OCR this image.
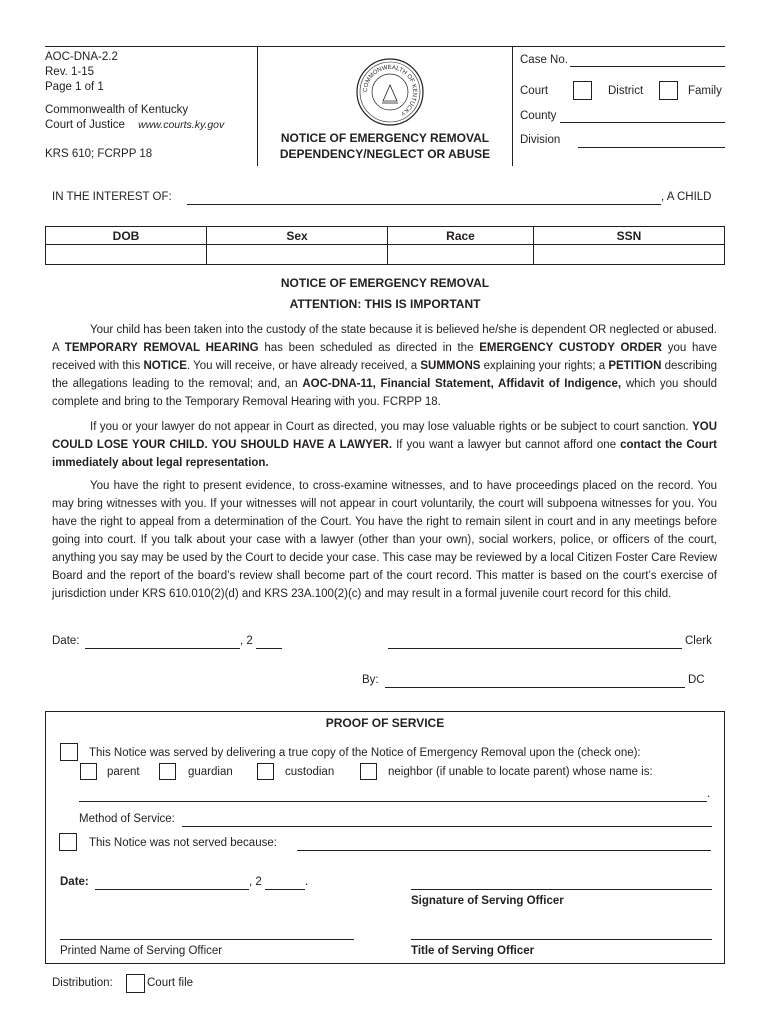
AOC-DNA-2.2
Rev. 1-15
Page 1 of 1
Commonwealth of Kentucky
Court of Justice www.courts.ky.gov
KRS 610; FCRPP 18
COMMONWEALTH OF KENTUCKY
NOTICE OF EMERGENCY REMOVAL
DEPENDENCY/NEGLECT OR ABUSE
Case No.
Court	District	Family
County
Division
IN THE INTEREST OF:	, A CHILD
DOB	Sex	Race	SSN

NOTICE OF EMERGENCY REMOVAL
ATTENTION: THIS IS IMPORTANT
Your child has been taken into the custody of the state because it is believed he/she is dependent OR neglected or abused. A TEMPORARY REMOVAL HEARING has been scheduled as directed in the EMERGENCY CUSTODY ORDER you have received with this NOTICE. You will receive, or have already received, a SUMMONS explaining your rights; a PETITION describing the allegations leading to the removal; and, an AOC-DNA-11, Financial Statement, Affidavit of Indigence, which you should complete and bring to the Temporary Removal Hearing with you. FCRPP 18.
If you or your lawyer do not appear in Court as directed, you may lose valuable rights or be subject to court sanction. YOU COULD LOSE YOUR CHILD. YOU SHOULD HAVE A LAWYER. If you want a lawyer but cannot afford one contact the Court immediately about legal representation.
You have the right to present evidence, to cross-examine witnesses, and to have proceedings placed on the record. You may bring witnesses with you. If your witnesses will not appear in court voluntarily, the court will subpoena witnesses for you. You have the right to appeal from a determination of the Court. You have the right to remain silent in court and in any meetings before going into court. If you talk about your case with a lawyer (other than your own), social workers, police, or officers of the court, anything you say may be used by the Court to decide your case. This case may be reviewed by a local Citizen Foster Care Review Board and the report of the board’s review shall become part of the court record. This matter is based on the court’s exercise of jurisdiction under KRS 610.010(2)(d) and KRS 23A.100(2)(c) and may result in a formal juvenile court record for this child.
Date:	, 2	Clerk
By:	DC
PROOF OF SERVICE
This Notice was served by delivering a true copy of the Notice of Emergency Removal upon the (check one):
parent	guardian	custodian	neighbor (if unable to locate parent) whose name is:
.
Method of Service:
This Notice was not served because:
Date:	, 2	.
Signature of Serving Officer
Printed Name of Serving Officer	Title of Serving Officer
Distribution:	Court file
